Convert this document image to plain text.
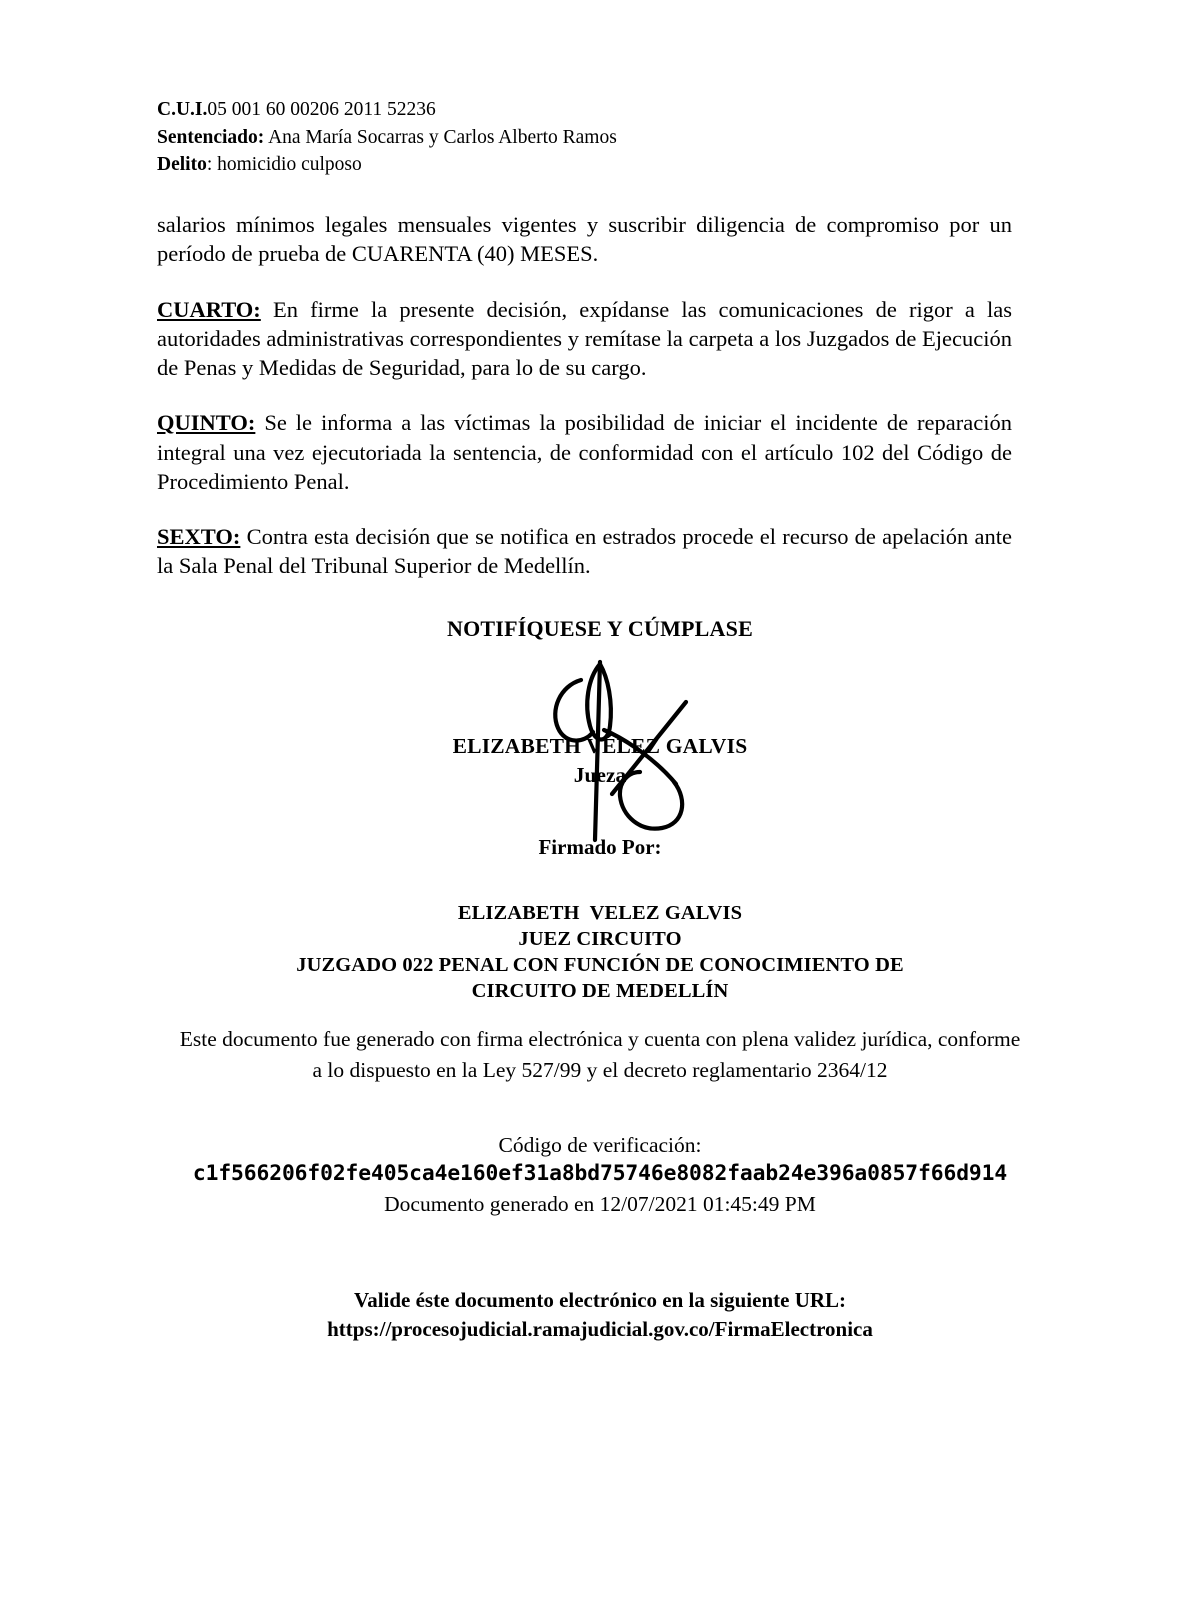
C.U.I.05 001 60 00206 2011 52236
Sentenciado: Ana María Socarras y Carlos Alberto Ramos
Delito: homicidio culposo

salarios mínimos legales mensuales vigentes y suscribir diligencia de compromiso por un período de prueba de CUARENTA (40) MESES.

CUARTO: En firme la presente decisión, expídanse las comunicaciones de rigor a las autoridades administrativas correspondientes y remítase la carpeta a los Juzgados de Ejecución de Penas y Medidas de Seguridad, para lo de su cargo.

QUINTO: Se le informa a las víctimas la posibilidad de iniciar el incidente de reparación integral una vez ejecutoriada la sentencia, de conformidad con el artículo 102 del Código de Procedimiento Penal.

SEXTO: Contra esta decisión que se notifica en estrados procede el recurso de apelación ante la Sala Penal del Tribunal Superior de Medellín.

NOTIFÍQUESE Y CÚMPLASE

ELIZABETH VÉLEZ GALVIS

Jueza

Firmado Por:

ELIZABETH  VELEZ GALVIS

JUEZ CIRCUITO

JUZGADO 022 PENAL CON FUNCIÓN DE CONOCIMIENTO DE

CIRCUITO DE MEDELLÍN

Este documento fue generado con firma electrónica y cuenta con plena validez jurídica, conforme a lo dispuesto en la Ley 527/99 y el decreto reglamentario 2364/12

Código de verificación:

c1f566206f02fe405ca4e160ef31a8bd75746e8082faab24e396a0857f66d914

Documento generado en 12/07/2021 01:45:49 PM

Valide éste documento electrónico en la siguiente URL:

https://procesojudicial.ramajudicial.gov.co/FirmaElectronica
